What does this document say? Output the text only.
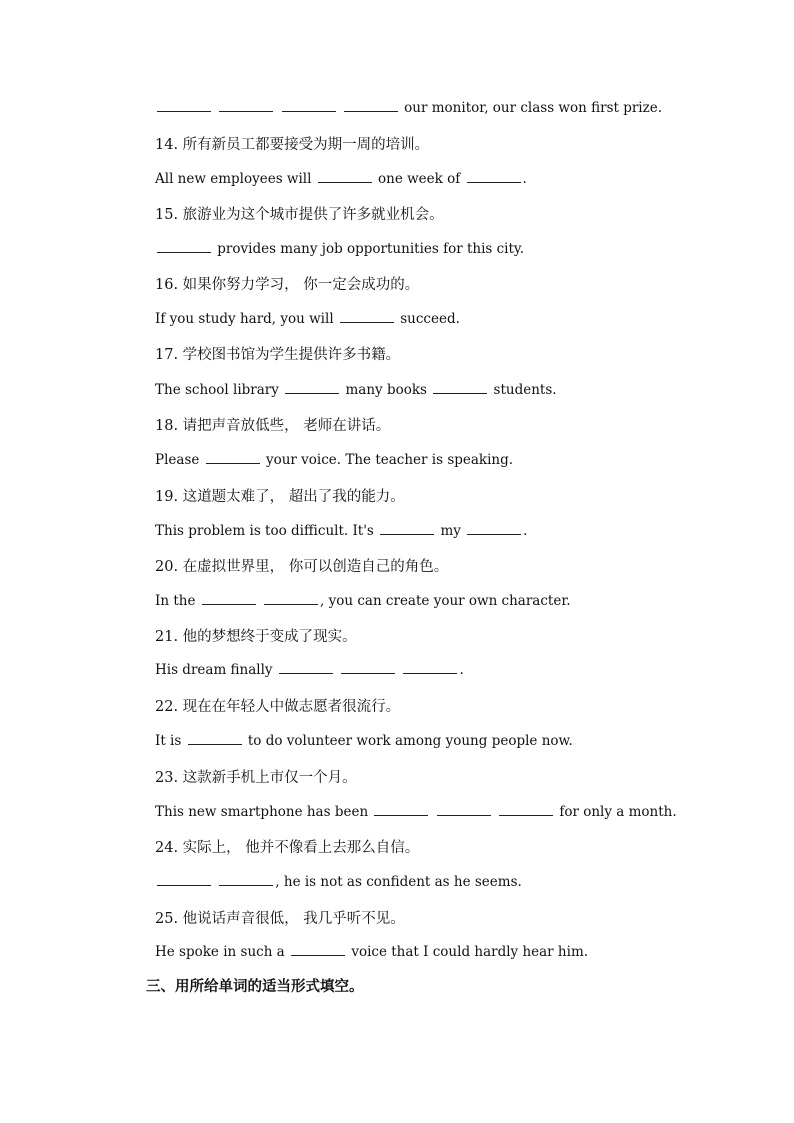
our monitor, our class won first prize.
14. 所有新员工都要接受为期一周的培训。
All new employees will	one week of	.
15. 旅游业为这个城市提供了许多就业机会。
provides many job opportunities for this city.
16. 如果你努力学习， 你一定会成功的。
If you study hard, you will	succeed.
17. 学校图书馆为学生提供许多书籍。
The school library	many books	students.
18. 请把声音放低些， 老师在讲话。
Please	your voice. The teacher is speaking.
19. 这道题太难了， 超出了我的能力。
This problem is too difficult. It's	my	.
20. 在虚拟世界里， 你可以创造自己的角色。
In the	, you can create your own character.
21. 他的梦想终于变成了现实。
His dream finally	.
22. 现在在年轻人中做志愿者很流行。
It is	to do volunteer work among young people now.
23. 这款新手机上市仅一个月。
This new smartphone has been	for only a month.
24. 实际上， 他并不像看上去那么自信。
, he is not as confident as he seems.
25. 他说话声音很低， 我几乎听不见。
He spoke in such a	voice that I could hardly hear him.
三、用所给单词的适当形式填空。
